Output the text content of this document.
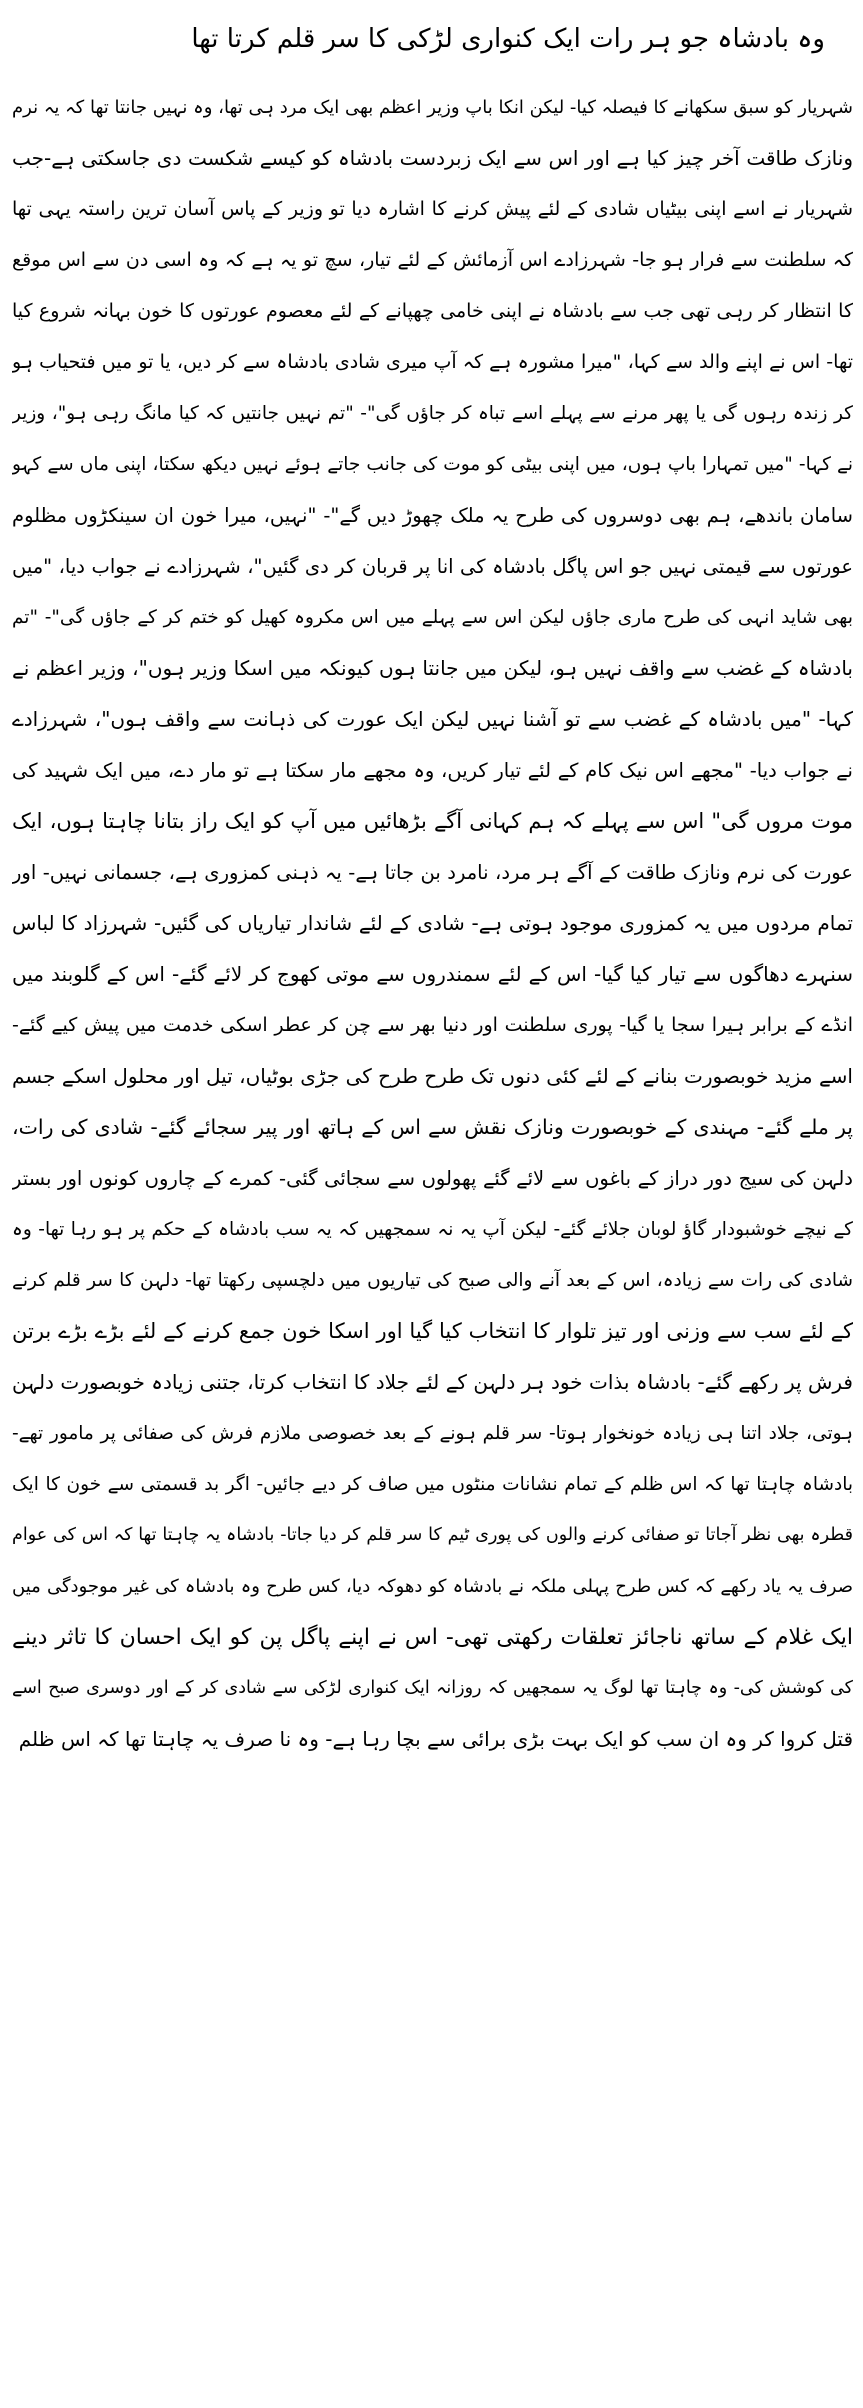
وہ بادشاہ جو ہر رات ایک کنواری لڑکی کا سر قلم کرتا تھا
شہریار کو سبق سکھانے کا فیصلہ کیا- لیکن انکا باپ وزیر اعظم بھی ایک مرد ہی تھا، وہ نہیں جانتا تھا کہ یہ نرم
ونازک طاقت آخر چیز کیا ہے اور اس سے ایک زبردست بادشاہ کو کیسے شکست دی جاسکتی ہے-جب
شہریار نے اسے اپنی بیٹیاں شادی کے لئے پیش کرنے کا اشارہ دیا تو وزیر کے پاس آسان ترین راستہ یہی تھا
کہ سلطنت سے فرار ہو جا- شہرزادے اس آزمائش کے لئے تیار، سچ تو یہ ہے کہ وہ اسی دن سے اس موقع
کا انتظار کر رہی تھی جب سے بادشاہ نے اپنی خامی چھپانے کے لئے معصوم عورتوں کا خون بہانہ شروع کیا
تھا- اس نے اپنے والد سے کہا، "میرا مشورہ ہے کہ آپ میری شادی بادشاہ سے کر دیں، یا تو میں فتحیاب ہو
کر زندہ رہوں گی یا پھر مرنے سے پہلے اسے تباہ کر جاؤں گی"- "تم نہیں جانتیں کہ کیا مانگ رہی ہو"، وزیر
نے کہا- "میں تمہارا باپ ہوں، میں اپنی بیٹی کو موت کی جانب جاتے ہوئے نہیں دیکھ سکتا، اپنی ماں سے کہو
سامان باندھے، ہم بھی دوسروں کی طرح یہ ملک چھوڑ دیں گے"- "نہیں، میرا خون ان سینکڑوں مظلوم
عورتوں سے قیمتی نہیں جو اس پاگل بادشاہ کی انا پر قربان کر دی گئیں"، شہرزادے نے جواب دیا، "میں
بھی شاید انہی کی طرح ماری جاؤں لیکن اس سے پہلے میں اس مکروہ کھیل کو ختم کر کے جاؤں گی"- "تم
بادشاہ کے غضب سے واقف نہیں ہو، لیکن میں جانتا ہوں کیونکہ میں اسکا وزیر ہوں"، وزیر اعظم نے
کہا- "میں بادشاہ کے غضب سے تو آشنا نہیں لیکن ایک عورت کی ذہانت سے واقف ہوں"، شہرزادے
نے جواب دیا- "مجھے اس نیک کام کے لئے تیار کریں، وہ مجھے مار سکتا ہے تو مار دے، میں ایک شہید کی
موت مروں گی" اس سے پہلے کہ ہم کہانی آگے بڑھائیں میں آپ کو ایک راز بتانا چاہتا ہوں، ایک
عورت کی نرم ونازک طاقت کے آگے ہر مرد، نامرد بن جاتا ہے- یہ ذہنی کمزوری ہے، جسمانی نہیں- اور
تمام مردوں میں یہ کمزوری موجود ہوتی ہے- شادی کے لئے شاندار تیاریاں کی گئیں- شہرزاد کا لباس
سنہرے دھاگوں سے تیار کیا گیا- اس کے لئے سمندروں سے موتی کھوج کر لائے گئے- اس کے گلوبند میں
انڈے کے برابر ہیرا سجا یا گیا- پوری سلطنت اور دنیا بھر سے چن کر عطر اسکی خدمت میں پیش کیے گئے-
اسے مزید خوبصورت بنانے کے لئے کئی دنوں تک طرح طرح کی جڑی بوٹیاں، تیل اور محلول اسکے جسم
پر ملے گئے- مہندی کے خوبصورت ونازک نقش سے اس کے ہاتھ اور پیر سجائے گئے- شادی کی رات،
دلہن کی سیج دور دراز کے باغوں سے لائے گئے پھولوں سے سجائی گئی- کمرے کے چاروں کونوں اور بستر
کے نیچے خوشبودار گاؤ لوبان جلائے گئے- لیکن آپ یہ نہ سمجھیں کہ یہ سب بادشاہ کے حکم پر ہو رہا تھا- وہ
شادی کی رات سے زیادہ، اس کے بعد آنے والی صبح کی تیاریوں میں دلچسپی رکھتا تھا- دلہن کا سر قلم کرنے
کے لئے سب سے وزنی اور تیز تلوار کا انتخاب کیا گیا اور اسکا خون جمع کرنے کے لئے بڑے بڑے برتن
فرش پر رکھے گئے- بادشاہ بذات خود ہر دلہن کے لئے جلاد کا انتخاب کرتا، جتنی زیادہ خوبصورت دلہن
ہوتی، جلاد اتنا ہی زیادہ خونخوار ہوتا- سر قلم ہونے کے بعد خصوصی ملازم فرش کی صفائی پر مامور تھے-
بادشاہ چاہتا تھا کہ اس ظلم کے تمام نشانات منٹوں میں صاف کر دیے جائیں- اگر بد قسمتی سے خون کا ایک
قطرہ بھی نظر آجاتا تو صفائی کرنے والوں کی پوری ٹیم کا سر قلم کر دیا جاتا- بادشاہ یہ چاہتا تھا کہ اس کی عوام
صرف یہ یاد رکھے کہ کس طرح پہلی ملکہ نے بادشاہ کو دھوکہ دیا، کس طرح وہ بادشاہ کی غیر موجودگی میں
ایک غلام کے ساتھ ناجائز تعلقات رکھتی تھی- اس نے اپنے پاگل پن کو ایک احسان کا تاثر دینے
کی کوشش کی- وہ چاہتا تھا لوگ یہ سمجھیں کہ روزانہ ایک کنواری لڑکی سے شادی کر کے اور دوسری صبح اسے
قتل کروا کر وہ ان سب کو ایک بہت بڑی برائی سے بچا رہا ہے- وہ نا صرف یہ چاہتا تھا کہ اس ظلم
